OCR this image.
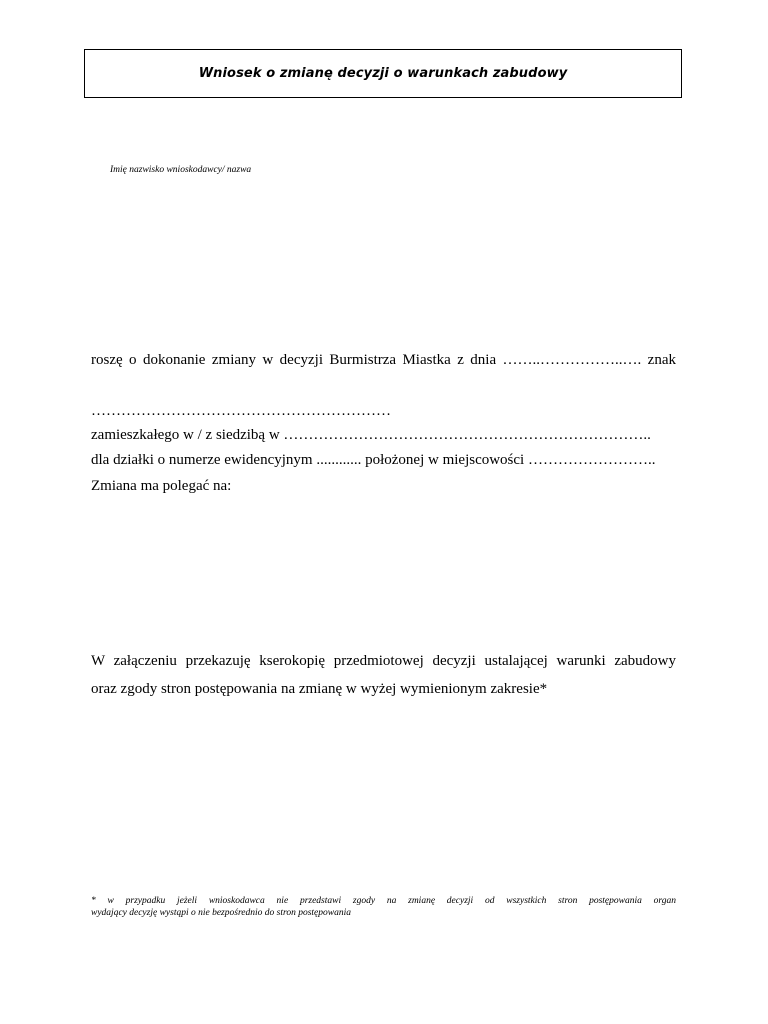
Wniosek o zmianę decyzji o warunkach zabudowy
Imię nazwisko wnioskodawcy/ nazwa
roszę o dokonanie zmiany w decyzji Burmistrza Miastka z dnia ……..……………..…. znak
……………………………………………………
zamieszkałego w / z siedzibą w ………………………………………………………………..
dla działki o numerze ewidencyjnym ............ położonej w miejscowości ……………………..
Zmiana ma polegać na:
W załączeniu przekazuję kserokopię przedmiotowej decyzji ustalającej warunki zabudowy
oraz zgody stron postępowania na zmianę w wyżej wymienionym zakresie*
* w przypadku jeżeli wnioskodawca nie przedstawi zgody na zmianę decyzji od wszystkich stron postępowania organ
wydający decyzję wystąpi o nie bezpośrednio do stron postępowania
